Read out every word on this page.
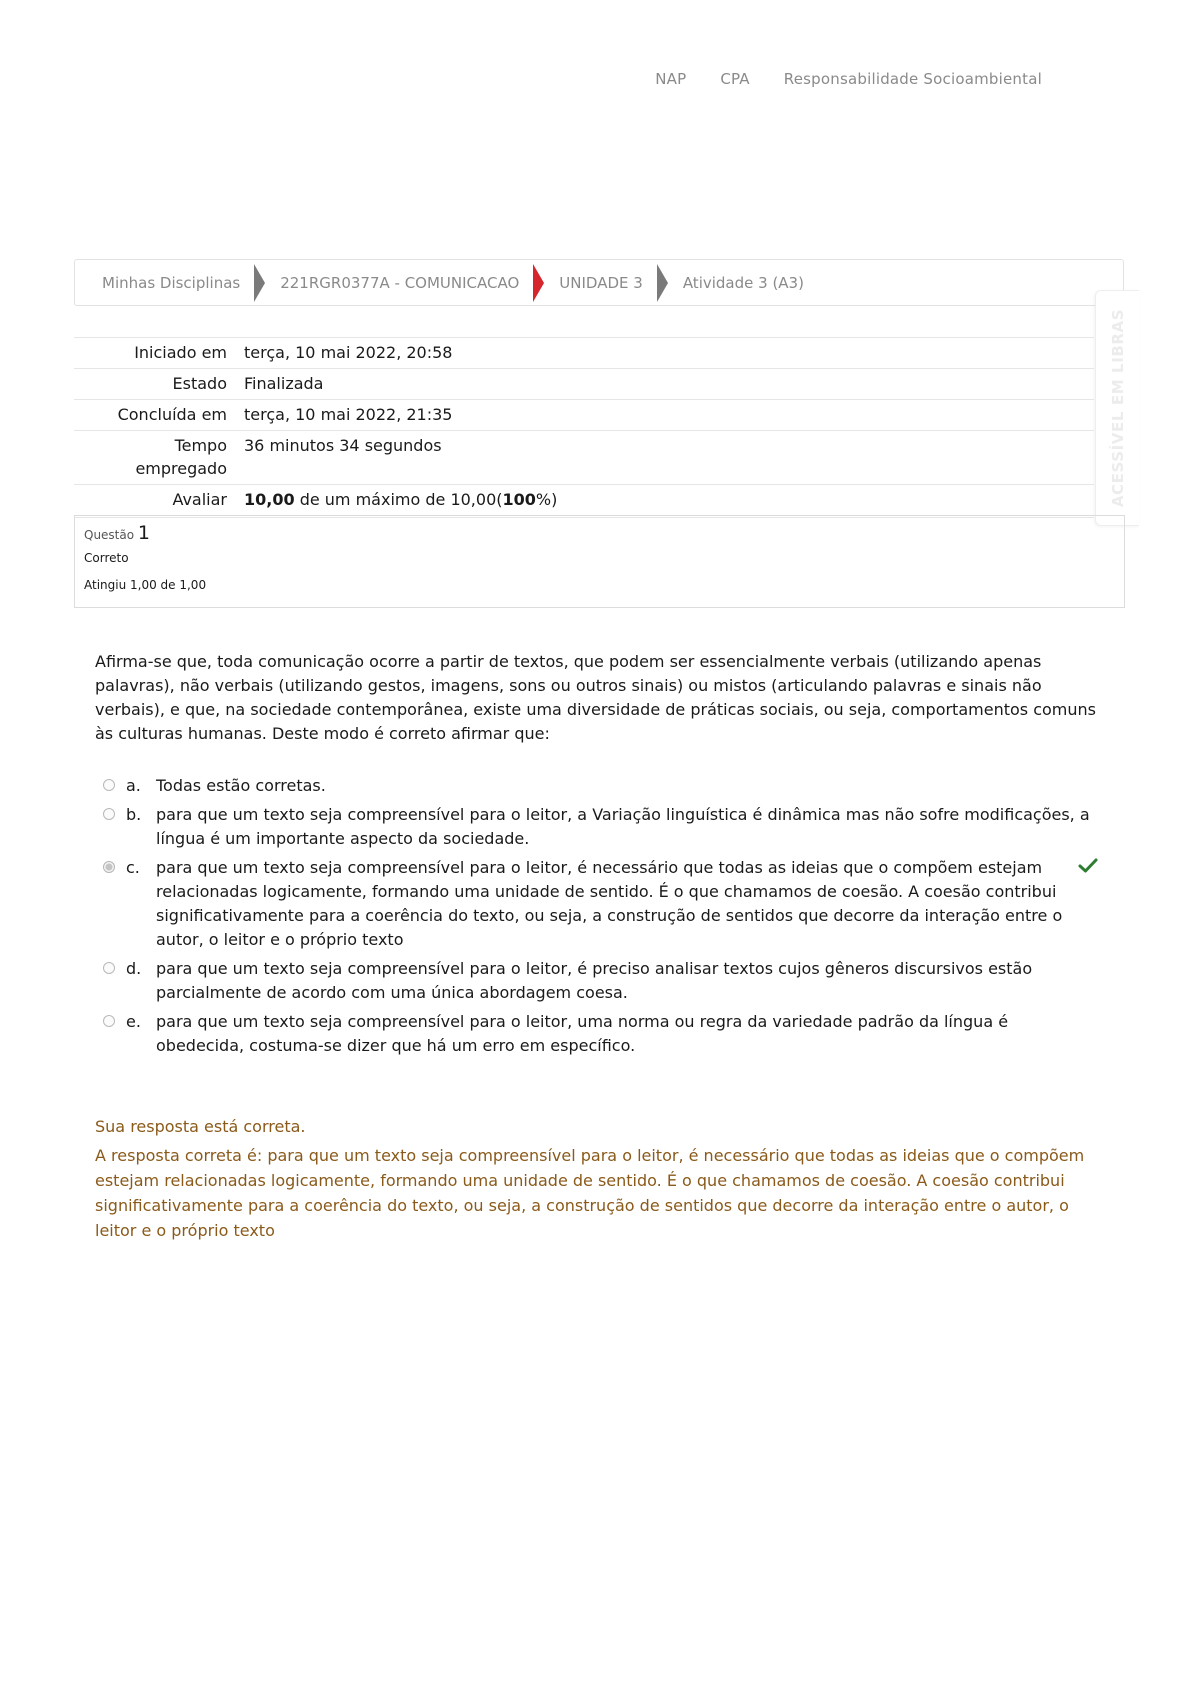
NAP CPA Responsabilidade Socioambiental
Minhas Disciplinas	221RGR0377A - COMUNICACAO	UNIDADE 3	Atividade 3 (A3)
ACESSÍVEL EM LIBRAS
Iniciado em	terça, 10 mai 2022, 20:58
Estado	Finalizada
Concluída em	terça, 10 mai 2022, 21:35
Tempo
empregado	36 minutos 34 segundos
Avaliar	10,00 de um máximo de 10,00(100%)
Questão 1
Correto
Atingiu 1,00 de 1,00
Afirma-se que, toda comunicação ocorre a partir de textos, que podem ser essencialmente verbais (utilizando apenas palavras), não verbais (utilizando gestos, imagens, sons ou outros sinais) ou mistos (articulando palavras e sinais não verbais), e que, na sociedade contemporânea, existe uma diversidade de práticas sociais, ou seja, comportamentos comuns às culturas humanas. Deste modo é correto afirmar que:
a. Todas estão corretas.
b. para que um texto seja compreensível para o leitor, a Variação linguística é dinâmica mas não sofre modificações, a língua é um importante aspecto da sociedade.
c.	para que um texto seja compreensível para o leitor, é necessário que todas as ideias que o compõem estejam relacionadas logicamente, formando uma unidade de sentido. É o que chamamos de coesão. A coesão contribui significativamente para a coerência do texto, ou seja, a construção de sentidos que decorre da interação entre o autor, o leitor e o próprio texto
d. para que um texto seja compreensível para o leitor, é preciso analisar textos cujos gêneros discursivos estão parcialmente de acordo com uma única abordagem coesa.
e. para que um texto seja compreensível para o leitor, uma norma ou regra da variedade padrão da língua é obedecida, costuma-se dizer que há um erro em específico.
Sua resposta está correta.
A resposta correta é: para que um texto seja compreensível para o leitor, é necessário que todas as ideias que o compõem estejam relacionadas logicamente, formando uma unidade de sentido. É o que chamamos de coesão. A coesão contribui significativamente para a coerência do texto, ou seja, a construção de sentidos que decorre da interação entre o autor, o leitor e o próprio texto
